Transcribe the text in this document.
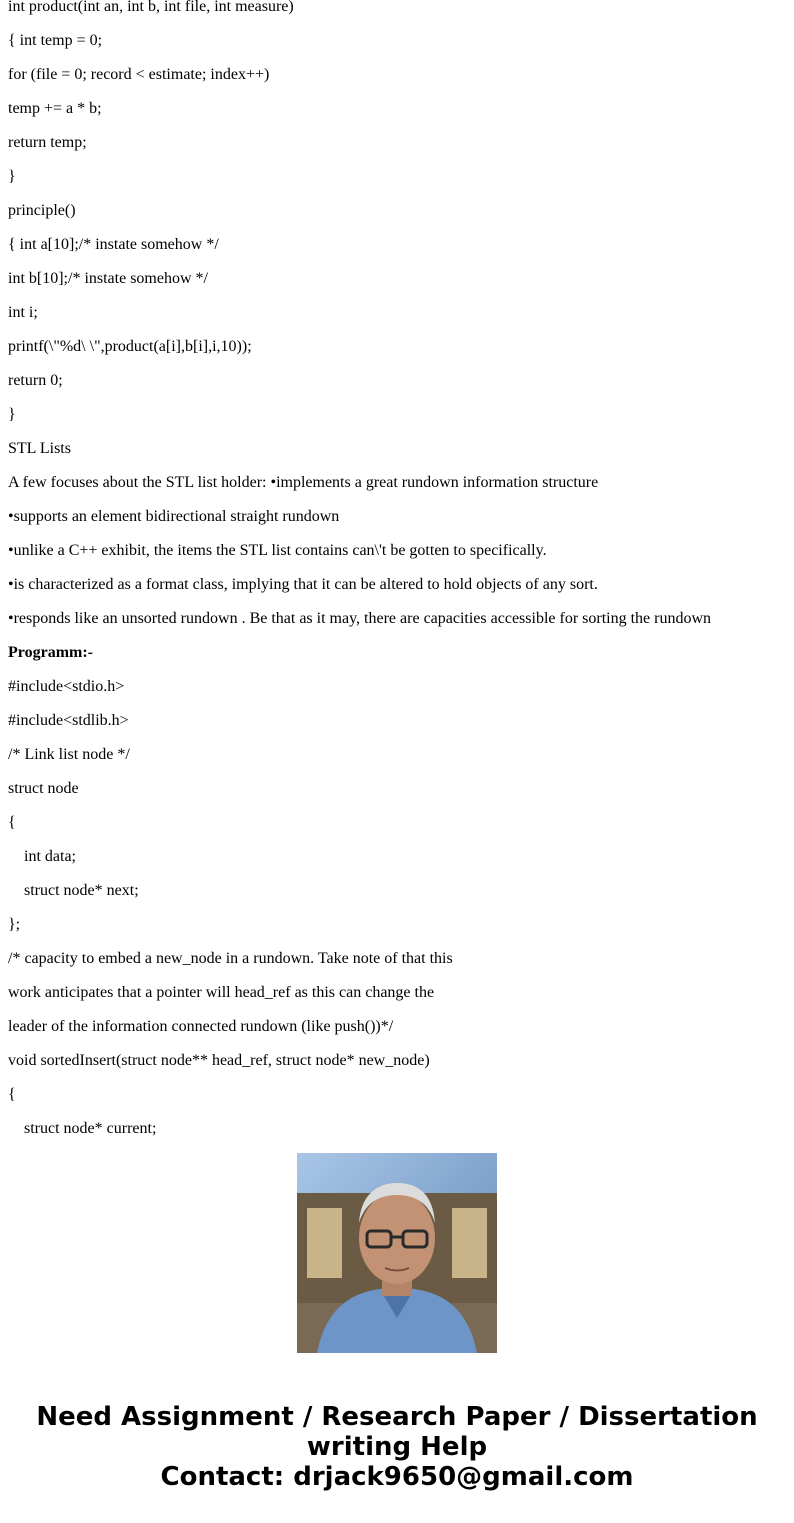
int product(int an, int b, int file, int measure)
{ int temp = 0;
for (file = 0; record < estimate; index++)
temp += a * b;
return temp;
}
principle()
{ int a[10];/* instate somehow */
int b[10];/* instate somehow */
int i;
printf(\"%d\ \",product(a[i],b[i],i,10));
return 0;
}
STL Lists
A few focuses about the STL list holder: •implements a great rundown information structure
•supports an element bidirectional straight rundown
•unlike a C++ exhibit, the items the STL list contains can\'t be gotten to specifically.
•is characterized as a format class, implying that it can be altered to hold objects of any sort.
•responds like an unsorted rundown . Be that as it may, there are capacities accessible for sorting the rundown
Programm:-
#include<stdio.h>
#include<stdlib.h>
/* Link list node */
struct node
{
int data;
struct node* next;
};
/* capacity to embed a new_node in a rundown. Take note of that this
work anticipates that a pointer will head_ref as this can change the
leader of the information connected rundown (like push())*/
void sortedInsert(struct node** head_ref, struct node* new_node)
{
struct node* current;
Need Assignment / Research Paper / Dissertation
writing Help
Contact: drjack9650@gmail.com
